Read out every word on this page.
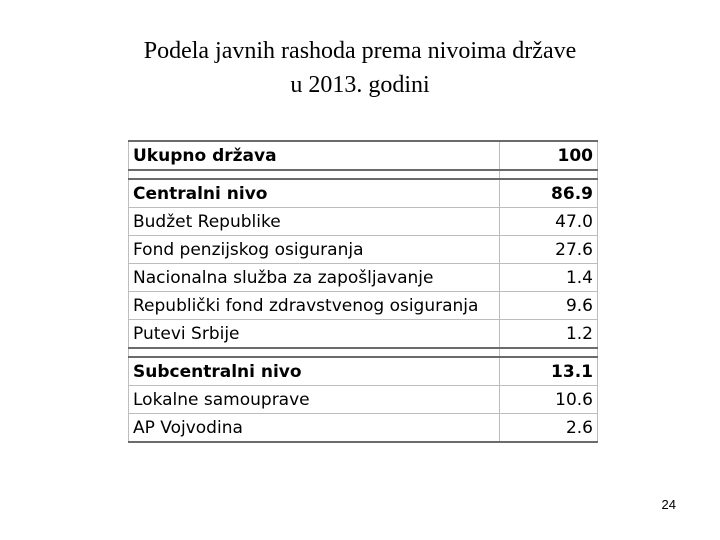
Podela javnih rashoda prema nivoima države
u 2013. godini
Ukupno država	100

Centralni nivo	86.9
Budžet Republike	47.0
Fond penzijskog osiguranja	27.6
Nacionalna služba za zapošljavanje	1.4
Republički fond zdravstvenog osiguranja	9.6
Putevi Srbije	1.2

Subcentralni nivo	13.1
Lokalne samouprave	10.6
AP Vojvodina	2.6
24
